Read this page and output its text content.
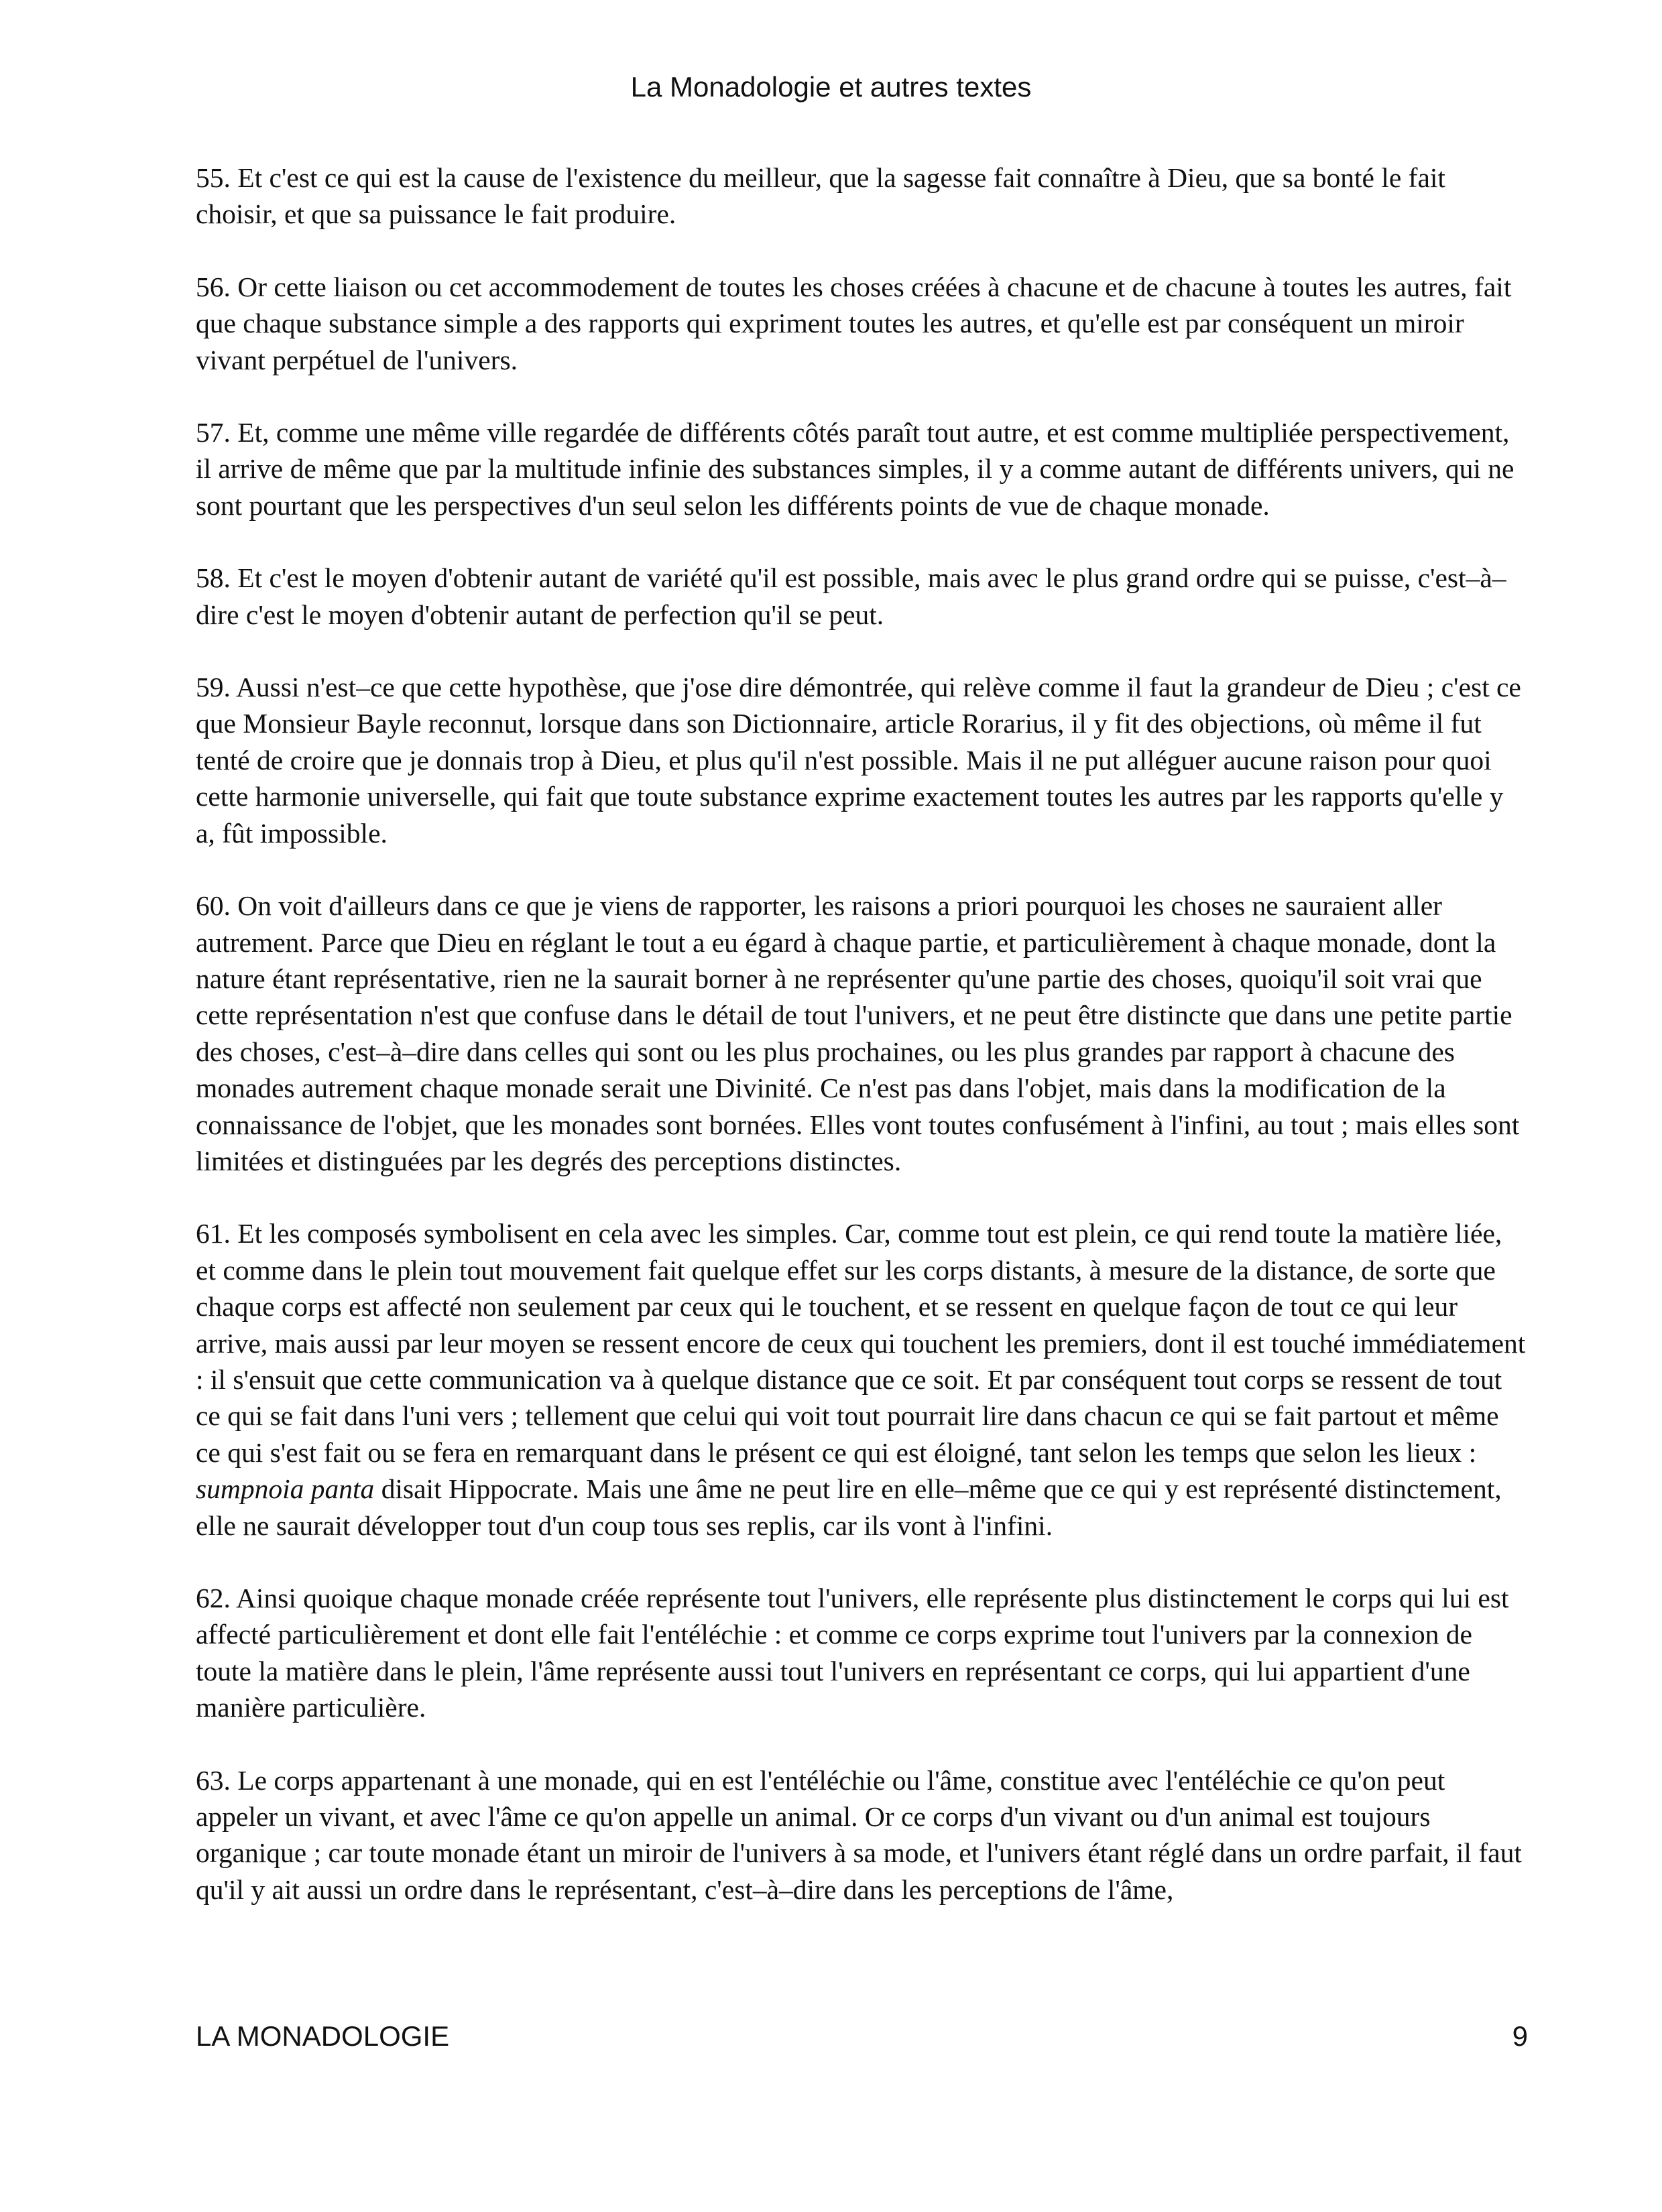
La Monadologie et autres textes

55. Et c'est ce qui est la cause de l'existence du meilleur, que la sagesse fait connaître à Dieu, que sa bonté le fait choisir, et que sa puissance le fait produire.

56. Or cette liaison ou cet accommodement de toutes les choses créées à chacune et de chacune à toutes les autres, fait que chaque substance simple a des rapports qui expriment toutes les autres, et qu'elle est par conséquent un miroir vivant perpétuel de l'univers.

57. Et, comme une même ville regardée de différents côtés paraît tout autre, et est comme multipliée perspectivement, il arrive de même que par la multitude infinie des substances simples, il y a comme autant de différents univers, qui ne sont pourtant que les perspectives d'un seul selon les différents points de vue de chaque monade.

58. Et c'est le moyen d'obtenir autant de variété qu'il est possible, mais avec le plus grand ordre qui se puisse, c'est–à–dire c'est le moyen d'obtenir autant de perfection qu'il se peut.

59. Aussi n'est–ce que cette hypothèse, que j'ose dire démontrée, qui relève comme il faut la grandeur de Dieu ; c'est ce que Monsieur Bayle reconnut, lorsque dans son Dictionnaire, article Rorarius, il y fit des objections, où même il fut tenté de croire que je donnais trop à Dieu, et plus qu'il n'est possible. Mais il ne put alléguer aucune raison pour quoi cette harmonie universelle, qui fait que toute substance exprime exactement toutes les autres par les rapports qu'elle y a, fût impossible.

60. On voit d'ailleurs dans ce que je viens de rapporter, les raisons a priori pourquoi les choses ne sauraient aller autrement. Parce que Dieu en réglant le tout a eu égard à chaque partie, et particulièrement à chaque monade, dont la nature étant représentative, rien ne la saurait borner à ne représenter qu'une partie des choses, quoiqu'il soit vrai que cette représentation n'est que confuse dans le détail de tout l'univers, et ne peut être distincte que dans une petite partie des choses, c'est–à–dire dans celles qui sont ou les plus prochaines, ou les plus grandes par rapport à chacune des monades autrement chaque monade serait une Divinité. Ce n'est pas dans l'objet, mais dans la modification de la connaissance de l'objet, que les monades sont bornées. Elles vont toutes confusément à l'infini, au tout ; mais elles sont limitées et distinguées par les degrés des perceptions distinctes.

61. Et les composés symbolisent en cela avec les simples. Car, comme tout est plein, ce qui rend toute la matière liée, et comme dans le plein tout mouvement fait quelque effet sur les corps distants, à mesure de la distance, de sorte que chaque corps est affecté non seulement par ceux qui le touchent, et se ressent en quelque façon de tout ce qui leur arrive, mais aussi par leur moyen se ressent encore de ceux qui touchent les premiers, dont il est touché immédiatement : il s'ensuit que cette communication va à quelque distance que ce soit. Et par conséquent tout corps se ressent de tout ce qui se fait dans l'uni vers ; tellement que celui qui voit tout pourrait lire dans chacun ce qui se fait partout et même ce qui s'est fait ou se fera en remarquant dans le présent ce qui est éloigné, tant selon les temps que selon les lieux : sumpnoia panta disait Hippocrate. Mais une âme ne peut lire en elle–même que ce qui y est représenté distinctement, elle ne saurait développer tout d'un coup tous ses replis, car ils vont à l'infini.

62. Ainsi quoique chaque monade créée représente tout l'univers, elle représente plus distinctement le corps qui lui est affecté particulièrement et dont elle fait l'entéléchie : et comme ce corps exprime tout l'univers par la connexion de toute la matière dans le plein, l'âme représente aussi tout l'univers en représentant ce corps, qui lui appartient d'une manière particulière.

63. Le corps appartenant à une monade, qui en est l'entéléchie ou l'âme, constitue avec l'entéléchie ce qu'on peut appeler un vivant, et avec l'âme ce qu'on appelle un animal. Or ce corps d'un vivant ou d'un animal est toujours organique ; car toute monade étant un miroir de l'univers à sa mode, et l'univers étant réglé dans un ordre parfait, il faut qu'il y ait aussi un ordre dans le représentant, c'est–à–dire dans les perceptions de l'âme,

LA MONADOLOGIE	9
